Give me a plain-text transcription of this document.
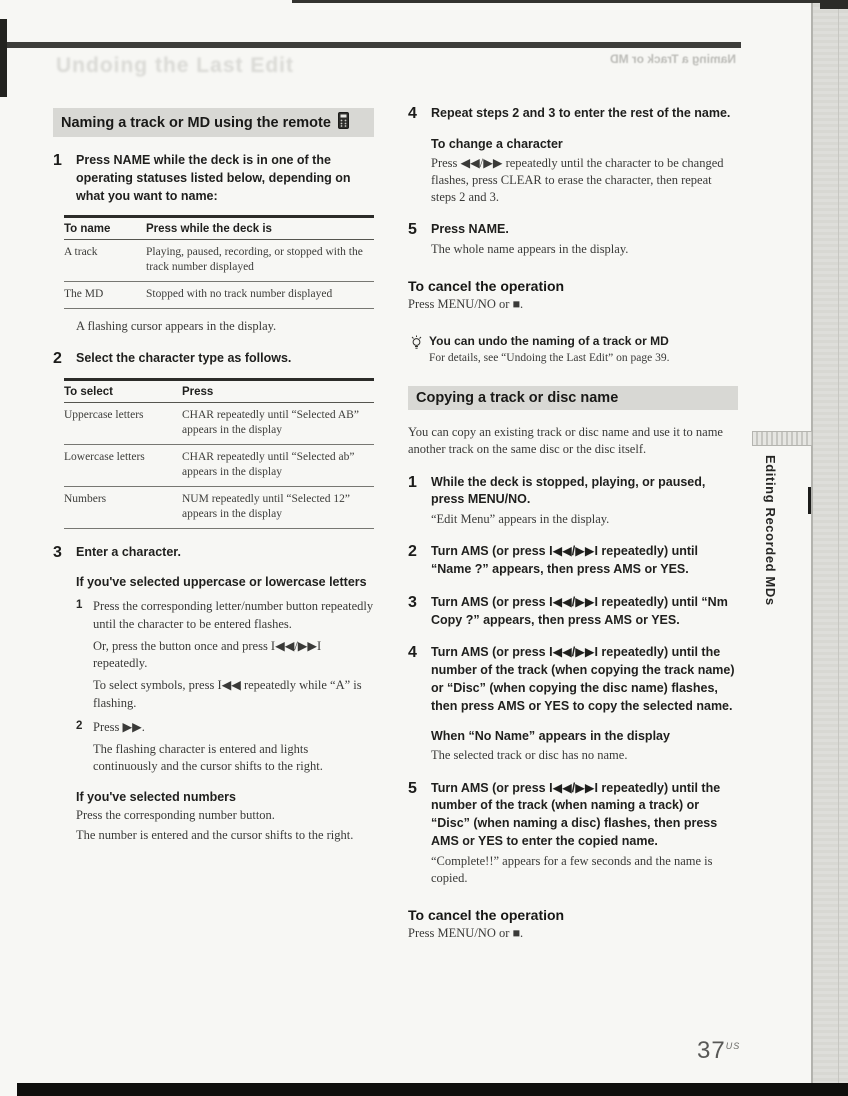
Undoing the Last Edit	Naming a Track or MD
Naming a track or MD using the remote
1	Press NAME while the deck is in one of the operating statuses listed below, depending on what you want to name:
To name	Press while the deck is
A track	Playing, paused, recording, or stopped with the track number displayed
The MD	Stopped with no track number displayed
A flashing cursor appears in the display.
2	Select the character type as follows.
To select	Press
Uppercase letters	CHAR repeatedly until “Selected AB” appears in the display
Lowercase letters	CHAR repeatedly until “Selected ab” appears in the display
Numbers	NUM repeatedly until “Selected 12” appears in the display
3	Enter a character.
If you've selected uppercase or lowercase letters
1 Press the corresponding letter/number button repeatedly until the character to be entered flashes.
Or, press the button once and press I◀◀/▶▶I repeatedly.
To select symbols, press I◀◀ repeatedly while “A” is flashing.
2 Press ▶▶.
The flashing character is entered and lights continuously and the cursor shifts to the right.
If you've selected numbers
Press the corresponding number button.
The number is entered and the cursor shifts to the right.
4	Repeat steps 2 and 3 to enter the rest of the name.
To change a character
Press ◀◀/▶▶ repeatedly until the character to be changed flashes, press CLEAR to erase the character, then repeat steps 2 and 3.
5	Press NAME.
The whole name appears in the display.
To cancel the operation
Press MENU/NO or ■.
You can undo the naming of a track or MD
For details, see “Undoing the Last Edit” on page 39.
Copying a track or disc name
You can copy an existing track or disc name and use it to name another track on the same disc or the disc itself.
1	While the deck is stopped, playing, or paused, press MENU/NO.
“Edit Menu” appears in the display.
2	Turn AMS (or press I◀◀/▶▶I repeatedly) until “Name ?” appears, then press AMS or YES.
3	Turn AMS (or press I◀◀/▶▶I repeatedly) until “Nm Copy ?” appears, then press AMS or YES.
4	Turn AMS (or press I◀◀/▶▶I repeatedly) until the number of the track (when copying the track name) or “Disc” (when copying the disc name) flashes, then press AMS or YES to copy the selected name.
When “No Name” appears in the display
The selected track or disc has no name.
5	Turn AMS (or press I◀◀/▶▶I repeatedly) until the number of the track (when naming a track) or “Disc” (when naming a disc) flashes, then press AMS or YES to enter the copied name.
“Complete!!” appears for a few seconds and the name is copied.
To cancel the operation
Press MENU/NO or ■.
$37^{US}$
Editing Recorded MDs
